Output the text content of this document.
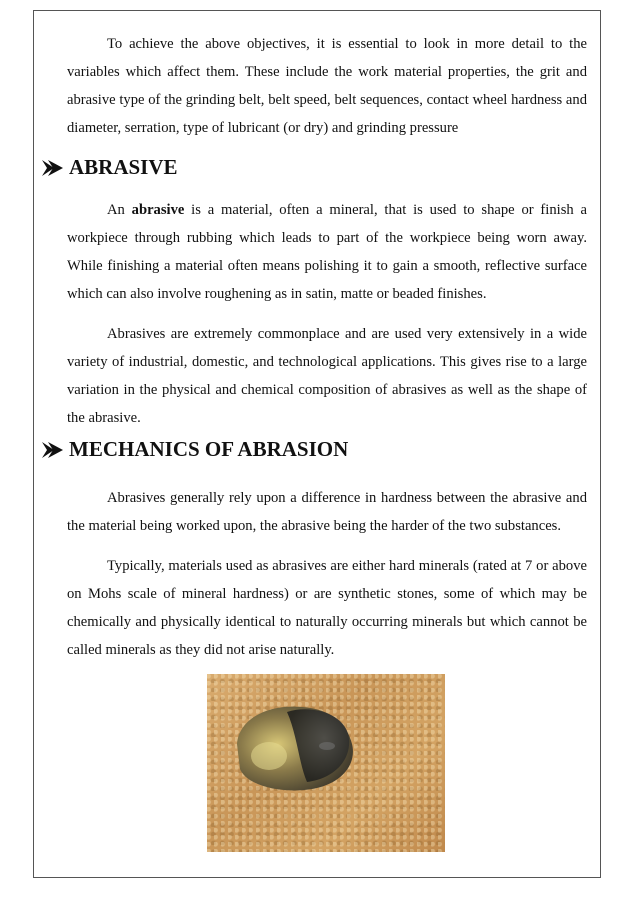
To achieve the above objectives, it is essential to look in more detail to the variables which affect them. These include the work material properties, the grit and abrasive type of the grinding belt, belt speed, belt sequences, contact wheel hardness and diameter, serration, type of lubricant (or dry) and grinding pressure

ABRASIVE

An abrasive is a material, often a mineral, that is used to shape or finish a workpiece through rubbing which leads to part of the workpiece being worn away. While finishing a material often means polishing it to gain a smooth, reflective surface which can also involve roughening as in satin, matte or beaded finishes.

Abrasives are extremely commonplace and are used very extensively in a wide variety of industrial, domestic, and technological applications. This gives rise to a large variation in the physical and chemical composition of abrasives as well as the shape of the abrasive.

MECHANICS OF ABRASION

Abrasives generally rely upon a difference in hardness between the abrasive and the material being worked upon, the abrasive being the harder of the two substances.

Typically, materials used as abrasives are either hard minerals (rated at 7 or above on Mohs scale of mineral hardness) or are synthetic stones, some of which may be chemically and physically identical to naturally occurring minerals but which cannot be called minerals as they did not arise naturally.
